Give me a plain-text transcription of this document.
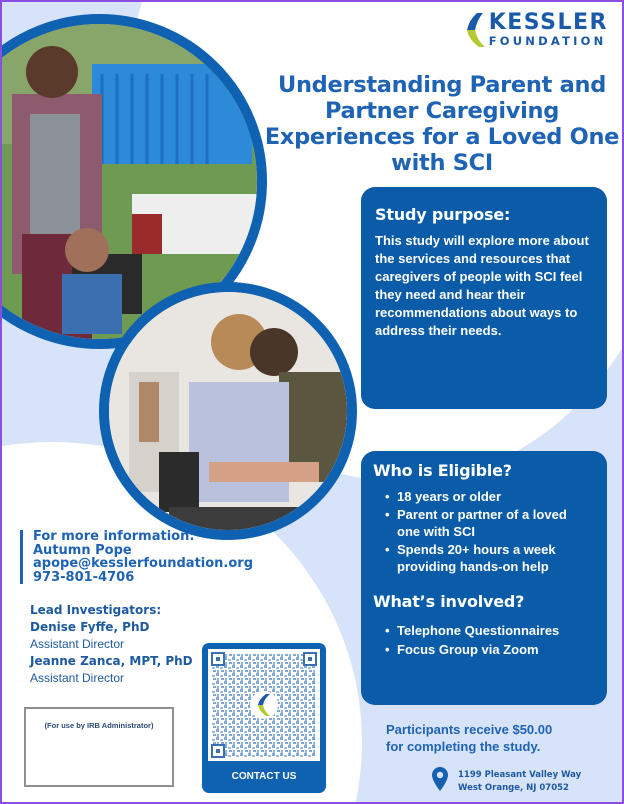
KESSLER
FOUNDATION
Understanding Parent and Partner Caregiving Experiences for a Loved One with SCI
Study purpose:

This study will explore more about the services and resources that caregivers of people with SCI feel they need and hear their recommendations about ways to address their needs.

Who is Eligible?
• 18 years or older
• Parent or partner of a loved one with SCI
• Spends 20+ hours a week providing hands-on help
What’s involved?
• Telephone Questionnaires
• Focus Group via Zoom
For more information:
Autumn Pope
apope@kesslerfoundation.org
973-801-4706
Lead Investigators:
Denise Fyffe, PhD
Assistant Director
Jeanne Zanca, MPT, PhD
Assistant Director
(For use by IRB Administrator)
CONTACT US
Participants receive $50.00
for completing the study.
1199 Pleasant Valley Way
West Orange, NJ 07052
